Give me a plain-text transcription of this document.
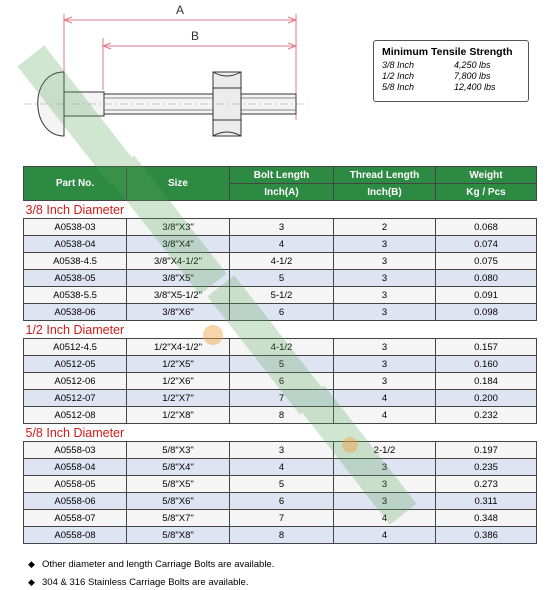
A
B
Minimum Tensile Strength
3/8 Inch	4,250 lbs
1/2 Inch	7,800 lbs
5/8 Inch	12,400 lbs
Part No.	Size	Bolt Length	Thread Length	Weight
		Inch(A)	Inch(B)	Kg / Pcs
3/8 Inch Diameter				
A0538-03	3/8"X3"	3	2	0.068
A0538-04	3/8"X4"	4	3	0.074
A0538-4.5	3/8"X4-1/2"	4-1/2	3	0.075
A0538-05	3/8"X5"	5	3	0.080
A0538-5.5	3/8"X5-1/2"	5-1/2	3	0.091
A0538-06	3/8"X6"	6	3	0.098
1/2 Inch Diameter				
A0512-4.5	1/2"X4-1/2"	4-1/2	3	0.157
A0512-05	1/2"X5"	5	3	0.160
A0512-06	1/2"X6"	6	3	0.184
A0512-07	1/2"X7"	7	4	0.200
A0512-08	1/2"X8"	8	4	0.232
5/8 Inch Diameter				
A0558-03	5/8"X3"	3	2-1/2	0.197
A0558-04	5/8"X4"	4	3	0.235
A0558-05	5/8"X5"	5	3	0.273
A0558-06	5/8"X6"	6	3	0.311
A0558-07	5/8"X7"	7	4	0.348
A0558-08	5/8"X8"	8	4	0.386
◆ Other diameter and length Carriage Bolts are available.
◆ 304 & 316 Stainless Carriage Bolts are available.
